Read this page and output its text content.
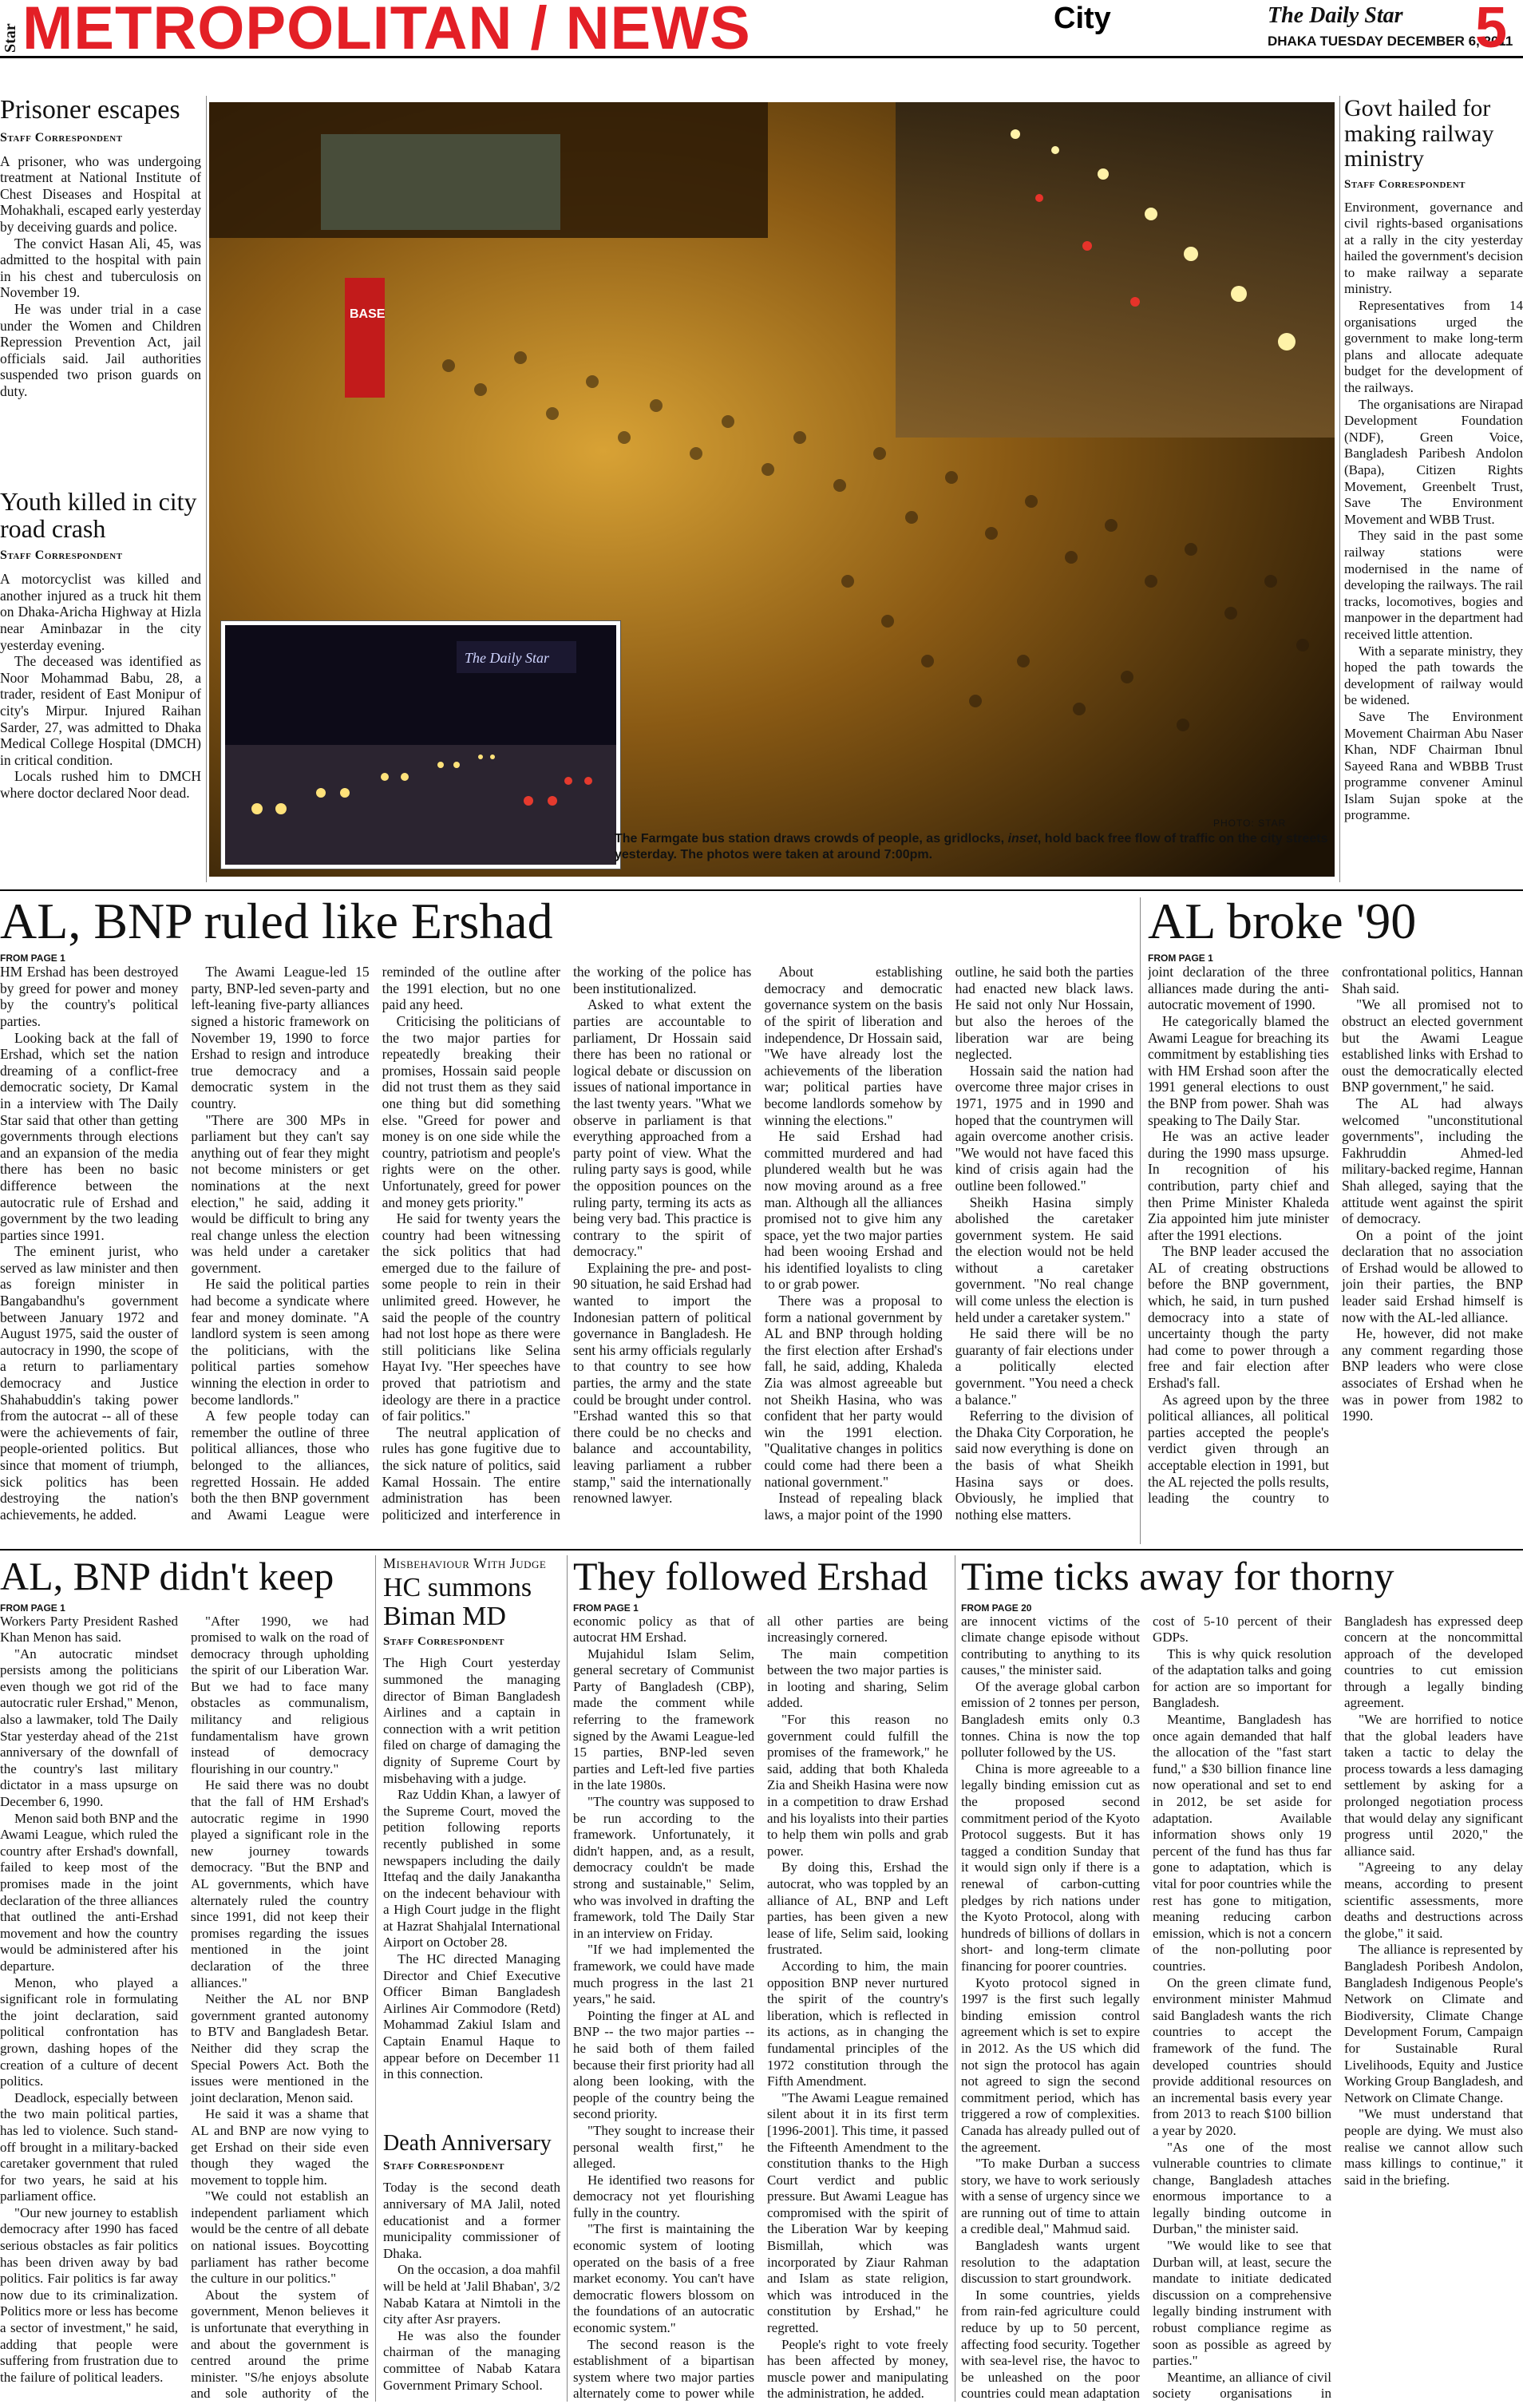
Star METROPOLITAN / NEWS	City	The Daily Star
DHAKA TUESDAY DECEMBER 6, 2011
5
Prisoner escapes
Staff Correspondent

A prisoner, who was undergoing treatment at National Institute of Chest Diseases and Hospital at Mohakhali, escaped early yesterday by deceiving guards and police.

The convict Hasan Ali, 45, was admitted to the hospital with pain in his chest and tuberculosis on November 19.

He was under trial in a case under the Women and Children Repression Prevention Act, jail officials said. Jail authorities suspended two prison guards on duty.

Youth killed in city road crash
Staff Correspondent

A motorcyclist was killed and another injured as a truck hit them on Dhaka-Aricha Highway at Hizla near Aminbazar in the city yesterday evening.

The deceased was identified as Noor Mohammad Babu, 28, a trader, resident of East Monipur of city's Mirpur. Injured Raihan Sarder, 27, was admitted to Dhaka Medical College Hospital (DMCH) in critical condition.

Locals rushed him to DMCH where doctor declared Noor dead.

BASE
The Daily Star
PHOTO: STAR
The Farmgate bus station draws crowds of people, as gridlocks, inset, hold back free flow of traffic on the city streets yesterday. The photos were taken at around 7:00pm.
Govt hailed for making railway ministry
Staff Correspondent

Environment, governance and civil rights-based organisations at a rally in the city yesterday hailed the government's decision to make railway a separate ministry.

Representatives from 14 organisations urged the government to make long-term plans and allocate adequate budget for the development of the railways.

The organisations are Nirapad Development Foundation (NDF), Green Voice, Bangladesh Paribesh Andolon (Bapa), Citizen Rights Movement, Greenbelt Trust, Save The Environment Movement and WBB Trust.

They said in the past some railway stations were modernised in the name of developing the railways. The rail tracks, locomotives, bogies and manpower in the department had received little attention.

With a separate ministry, they hoped the path towards the development of railway would be widened.

Save The Environment Movement Chairman Abu Naser Khan, NDF Chairman Ibnul Sayeed Rana and WBBB Trust programme convener Aminul Islam Sujan spoke at the programme.

AL, BNP ruled like Ershad
FROM PAGE 1

HM Ershad has been destroyed by greed for power and money by the country's political parties.

Looking back at the fall of Ershad, which set the nation dreaming of a conflict-free democratic society, Dr Kamal in a interview with The Daily Star said that other than getting governments through elections and an expansion of the media there has been no basic difference between the autocratic rule of Ershad and government by the two leading parties since 1991.

The eminent jurist, who served as law minister and then as foreign minister in Bangabandhu's government between January 1972 and August 1975, said the ouster of autocracy in 1990, the scope of a return to parliamentary democracy and Justice Shahabuddin's taking power from the autocrat -- all of these were the achievements of fair, people-oriented politics. But since that moment of triumph, sick politics has been destroying the nation's achievements, he added.

The Awami League-led 15 party, BNP-led seven-party and left-leaning five-party alliances signed a historic framework on November 19, 1990 to force Ershad to resign and introduce true democracy and a democratic system in the country.

"There are 300 MPs in parliament but they can't say anything out of fear they might not become ministers or get nominations at the next election," he said, adding it would be difficult to bring any real change unless the election was held under a caretaker government.

He said the political parties had become a syndicate where fear and money dominate. "A landlord system is seen among the politicians, with the political parties somehow winning the election in order to become landlords."

A few people today can remember the outline of three political alliances, those who belonged to the alliances, regretted Hossain. He added both the then BNP government and Awami League were reminded of the outline after the 1991 election, but no one paid any heed.

Criticising the politicians of the two major parties for repeatedly breaking their promises, Hossain said people did not trust them as they said one thing but did something else. "Greed for power and money is on one side while the country, patriotism and people's rights were on the other. Unfortunately, greed for power and money gets priority."

He said for twenty years the country had been witnessing the sick politics that had emerged due to the failure of some people to rein in their unlimited greed. However, he said the people of the country had not lost hope as there were still politicians like Selina Hayat Ivy. "Her speeches have proved that patriotism and ideology are there in a practice of fair politics."

The neutral application of rules has gone fugitive due to the sick nature of politics, said Kamal Hossain. The entire administration has been politicized and interference in the working of the police has been institutionalized.

Asked to what extent the parties are accountable to parliament, Dr Hossain said there has been no rational or logical debate or discussion on issues of national importance in the last twenty years. "What we observe in parliament is that everything approached from a party point of view. What the ruling party says is good, while the opposition pounces on the ruling party, terming its acts as being very bad. This practice is contrary to the spirit of democracy."

Explaining the pre- and post-90 situation, he said Ershad had wanted to import the Indonesian pattern of political governance in Bangladesh. He sent his army officials regularly to that country to see how parties, the army and the state could be brought under control. "Ershad wanted this so that there could be no checks and balance and accountability, leaving parliament a rubber stamp," said the internationally renowned lawyer.

About establishing democracy and democratic governance system on the basis of the spirit of liberation and independence, Dr Hossain said, "We have already lost the achievements of the liberation war; political parties have become landlords somehow by winning the elections."

He said Ershad had committed murdered and had plundered wealth but he was now moving around as a free man. Although all the alliances promised not to give him any space, yet the two major parties had been wooing Ershad and his identified loyalists to cling to or grab power.

There was a proposal to form a national government by AL and BNP through holding the first election after Ershad's fall, he said, adding, Khaleda Zia was almost agreeable but not Sheikh Hasina, who was confident that her party would win the 1991 election. "Qualitative changes in politics could come had there been a national government."

Instead of repealing black laws, a major point of the 1990 outline, he said both the parties had enacted new black laws. He said not only Nur Hossain, but also the heroes of the liberation war are being neglected.

Hossain said the nation had overcome three major crises in 1971, 1975 and in 1990 and hoped that the countrymen will again overcome another crisis. "We would not have faced this kind of crisis again had the outline been followed."

Sheikh Hasina simply abolished the caretaker government system. He said the election would not be held without a caretaker government. "No real change will come unless the election is held under a caretaker system."

He said there will be no guaranty of fair elections under a politically elected government. "You need a check a balance."

Referring to the division of the Dhaka City Corporation, he said now everything is done on the basis of what Sheikh Hasina says or does. Obviously, he implied that nothing else matters.

AL broke '90
FROM PAGE 1

joint declaration of the three alliances made during the anti-autocratic movement of 1990.

He categorically blamed the Awami League for breaching its commitment by establishing ties with HM Ershad soon after the 1991 general elections to oust the BNP from power. Shah was speaking to The Daily Star.

He was an active leader during the 1990 mass upsurge. In recognition of his contribution, party chief and then Prime Minister Khaleda Zia appointed him jute minister after the 1991 elections.

The BNP leader accused the AL of creating obstructions before the BNP government, which, he said, in turn pushed democracy into a state of uncertainty though the party had come to power through a free and fair election after Ershad's fall.

As agreed upon by the three political alliances, all political parties accepted the people's verdict given through an acceptable election in 1991, but the AL rejected the polls results, leading the country to confrontational politics, Hannan Shah said.

"We all promised not to obstruct an elected government but the Awami League established links with Ershad to oust the democratically elected BNP government," he said.

The AL had always welcomed "unconstitutional governments", including the Fakhruddin Ahmed-led military-backed regime, Hannan Shah alleged, saying that the attitude went against the spirit of democracy.

On a point of the joint declaration that no association of Ershad would be allowed to join their parties, the BNP leader said Ershad himself is now with the AL-led alliance.

He, however, did not make any comment regarding those BNP leaders who were close associates of Ershad when he was in power from 1982 to 1990.

AL, BNP didn't keep
FROM PAGE 1

Workers Party President Rashed Khan Menon has said.

"An autocratic mindset persists among the politicians even though we got rid of the autocratic ruler Ershad," Menon, also a lawmaker, told The Daily Star yesterday ahead of the 21st anniversary of the downfall of the country's last military dictator in a mass upsurge on December 6, 1990.

Menon said both BNP and the Awami League, which ruled the country after Ershad's downfall, failed to keep most of the promises made in the joint declaration of the three alliances that outlined the anti-Ershad movement and how the country would be administered after his departure.

Menon, who played a significant role in formulating the joint declaration, said political confrontation has grown, dashing hopes of the creation of a culture of decent politics.

Deadlock, especially between the two main political parties, has led to violence. Such stand-off brought in a military-backed caretaker government that ruled for two years, he said at his parliament office.

"Our new journey to establish democracy after 1990 has faced serious obstacles as fair politics has been driven away by bad politics. Fair politics is far away now due to its criminalization. Politics more or less has become a sector of investment," he said, adding that people were suffering from frustration due to the failure of political leaders.

"After 1990, we had promised to walk on the road of democracy through upholding the spirit of our Liberation War. But we had to face many obstacles as communalism, militancy and religious fundamentalism have grown instead of democracy flourishing in our country."

He said there was no doubt that the fall of HM Ershad's autocratic regime in 1990 played a significant role in the new journey towards democracy. "But the BNP and AL governments, which have alternately ruled the country since 1991, did not keep their promises regarding the issues mentioned in the joint declaration of the three alliances."

Neither the AL nor BNP government granted autonomy to BTV and Bangladesh Betar. Neither did they scrap the Special Powers Act. Both the issues were mentioned in the joint declaration, Menon said.

He said it was a shame that AL and BNP are now vying to get Ershad on their side even though they waged the movement to topple him.

"We could not establish an independent parliament which would be the centre of all debate on national issues. Boycotting parliament has rather become the culture in our politics."

About the system of government, Menon believes it is unfortunate that everything in and about the government is centred around the prime minister. "S/he enjoys absolute and sole authority of the

Misbehaviour With Judge
HC summons Biman MD
Staff Correspondent

The High Court yesterday summoned the managing director of Biman Bangladesh Airlines and a captain in connection with a writ petition filed on charge of damaging the dignity of Supreme Court by misbehaving with a judge.

Raz Uddin Khan, a lawyer of the Supreme Court, moved the petition following reports recently published in some newspapers including the daily Ittefaq and the daily Janakantha on the indecent behaviour with a High Court judge in the flight at Hazrat Shahjalal International Airport on October 28.

The HC directed Managing Director and Chief Executive Officer Biman Bangladesh Airlines Air Commodore (Retd) Mohammad Zakiul Islam and Captain Enamul Haque to appear before on December 11 in this connection.

Death Anniversary
Staff Correspondent

Today is the second death anniversary of MA Jalil, noted educationist and a former municipality commissioner of Dhaka.

On the occasion, a doa mahfil will be held at 'Jalil Bhaban', 3/2 Nabab Katara at Nimtoli in the city after Asr prayers.

He was also the founder chairman of the managing committee of Nabab Katara Government Primary School.

They followed Ershad
FROM PAGE 1

economic policy as that of autocrat HM Ershad.

Mujahidul Islam Selim, general secretary of Communist Party of Bangladesh (CBP), made the comment while referring to the framework signed by the Awami League-led 15 parties, BNP-led seven parties and Left-led five parties in the late 1980s.

"The country was supposed to be run according to the framework. Unfortunately, it didn't happen, and, as a result, democracy couldn't be made strong and sustainable," Selim, who was involved in drafting the framework, told The Daily Star in an interview on Friday.

"If we had implemented the framework, we could have made much progress in the last 21 years," he said.

Pointing the finger at AL and BNP -- the two major parties -- he said both of them failed because their first priority had all along been looking, with the people of the country being the second priority.

"They sought to increase their personal wealth first," he alleged.

He identified two reasons for democracy not yet flourishing fully in the country.

"The first is maintaining the economic system of looting operated on the basis of a free market economy. You can't have democratic flowers blossom on the foundations of an autocratic economic system."

The second reason is the establishment of a bipartisan system where two major parties alternately come to power while all other parties are being increasingly cornered.

The main competition between the two major parties is in looting and sharing, Selim added.

"For this reason no government could fulfill the promises of the framework," he said, adding that both Khaleda Zia and Sheikh Hasina were now in a competition to draw Ershad and his loyalists into their parties to help them win polls and grab power.

By doing this, Ershad the autocrat, who was toppled by an alliance of AL, BNP and Left parties, has been given a new lease of life, Selim said, looking frustrated.

According to him, the main opposition BNP never nurtured the spirit of the country's liberation, which is reflected in its actions, as in changing the fundamental principles of the 1972 constitution through the Fifth Amendment.

"The Awami League remained silent about it in its first term [1996-2001]. This time, it passed the Fifteenth Amendment to the constitution thanks to the High Court verdict and public pressure. But Awami League has compromised with the spirit of the Liberation War by keeping Bismillah, which was incorporated by Ziaur Rahman and Islam as state religion, which was introduced in the constitution by Ershad," he regretted.

People's right to vote freely has been affected by money, muscle power and manipulating the administration, he added.

Time ticks away for thorny
FROM PAGE 20

are innocent victims of the climate change episode without contributing to anything to its causes," the minister said.

Of the average global carbon emission of 2 tonnes per person, Bangladesh emits only 0.3 tonnes. China is now the top polluter followed by the US.

China is more agreeable to a legally binding emission cut as the proposed second commitment period of the Kyoto Protocol suggests. But it has tagged a condition Sunday that it would sign only if there is a renewal of carbon-cutting pledges by rich nations under the Kyoto Protocol, along with hundreds of billions of dollars in short- and long-term climate financing for poorer countries.

Kyoto protocol signed in 1997 is the first such legally binding emission control agreement which is set to expire in 2012. As the US which did not sign the protocol has again not agreed to sign the second commitment period, which has triggered a row of complexities. Canada has already pulled out of the agreement.

"To make Durban a success story, we have to work seriously with a sense of urgency since we are running out of time to attain a credible deal," Mahmud said.

Bangladesh wants urgent resolution to the adaptation discussion to start groundwork.

In some countries, yields from rain-fed agriculture could reduce by up to 50 percent, affecting food security. Together with sea-level rise, the havoc to be unleashed on the poor countries could mean adaptation cost of 5-10 percent of their GDPs.

This is why quick resolution of the adaptation talks and going for action are so important for Bangladesh.

Meantime, Bangladesh has once again demanded that half the allocation of the "fast start fund," a $30 billion finance line now operational and set to end in 2012, be set aside for adaptation. Available information shows only 19 percent of the fund has thus far gone to adaptation, which is vital for poor countries while the rest has gone to mitigation, meaning reducing carbon emission, which is not a concern of the non-polluting poor countries.

On the green climate fund, environment minister Mahmud said Bangladesh wants the rich countries to accept the framework of the fund. The developed countries should provide additional resources on an incremental basis every year from 2013 to reach $100 billion a year by 2020.

"As one of the most vulnerable countries to climate change, Bangladesh attaches enormous importance to a legally binding outcome in Durban," the minister said.

"We would like to see that Durban will, at least, secure the mandate to initiate dedicated discussion on a comprehensive legally binding instrument with robust compliance regime as soon as possible as agreed by parties."

Meantime, an alliance of civil society organisations in Bangladesh has expressed deep concern at the noncommittal approach of the developed countries to cut emission through a legally binding agreement.

"We are horrified to notice that the global leaders have taken a tactic to delay the process towards a less damaging settlement by asking for a prolonged negotiation process that would delay any significant progress until 2020," the alliance said.

"Agreeing to any delay means, according to present scientific assessments, more deaths and destructions across the globe," it said.

The alliance is represented by Bangladesh Poribesh Andolon, Bangladesh Indigenous People's Network on Climate and Biodiversity, Climate Change Development Forum, Campaign for Sustainable Rural Livelihoods, Equity and Justice Working Group Bangladesh, and Network on Climate Change.

"We must understand that people are dying. We must also realise we cannot allow such mass killings to continue," it said in the briefing.
